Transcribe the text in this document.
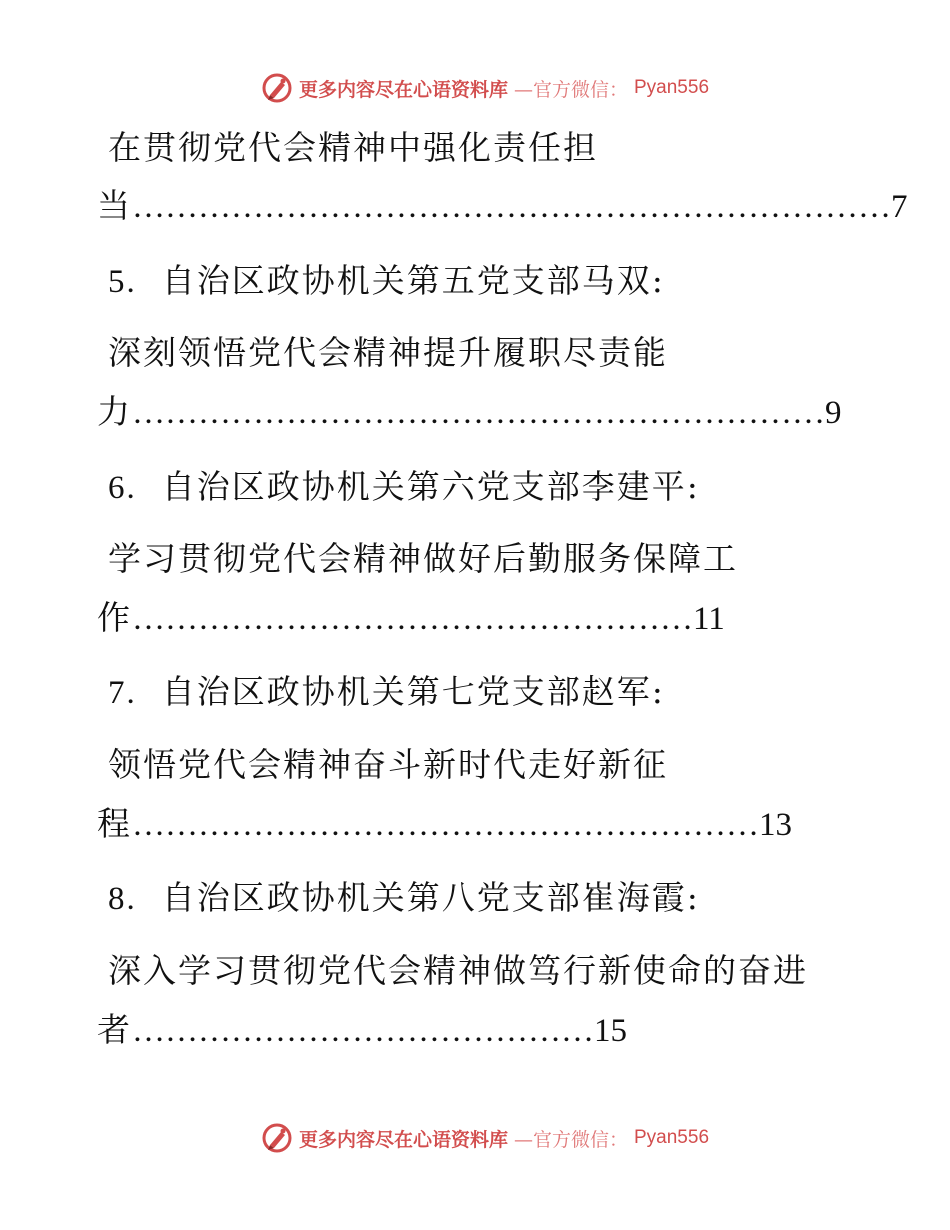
更多内容尽在心语资料库 —官方微信： Pyan556
在贯彻党代会精神中强化责任担
当……………………………………………………………7
5. 自治区政协机关第五党支部马双:
深刻领悟党代会精神提升履职尽责能
力………………………………………………………9
6. 自治区政协机关第六党支部李建平:
学习贯彻党代会精神做好后勤服务保障工
作……………………………………………11
7. 自治区政协机关第七党支部赵军:
领悟党代会精神奋斗新时代走好新征
程…………………………………………………13
8. 自治区政协机关第八党支部崔海霞:
深入学习贯彻党代会精神做笃行新使命的奋进
者……………………………………15
更多内容尽在心语资料库 —官方微信： Pyan556
